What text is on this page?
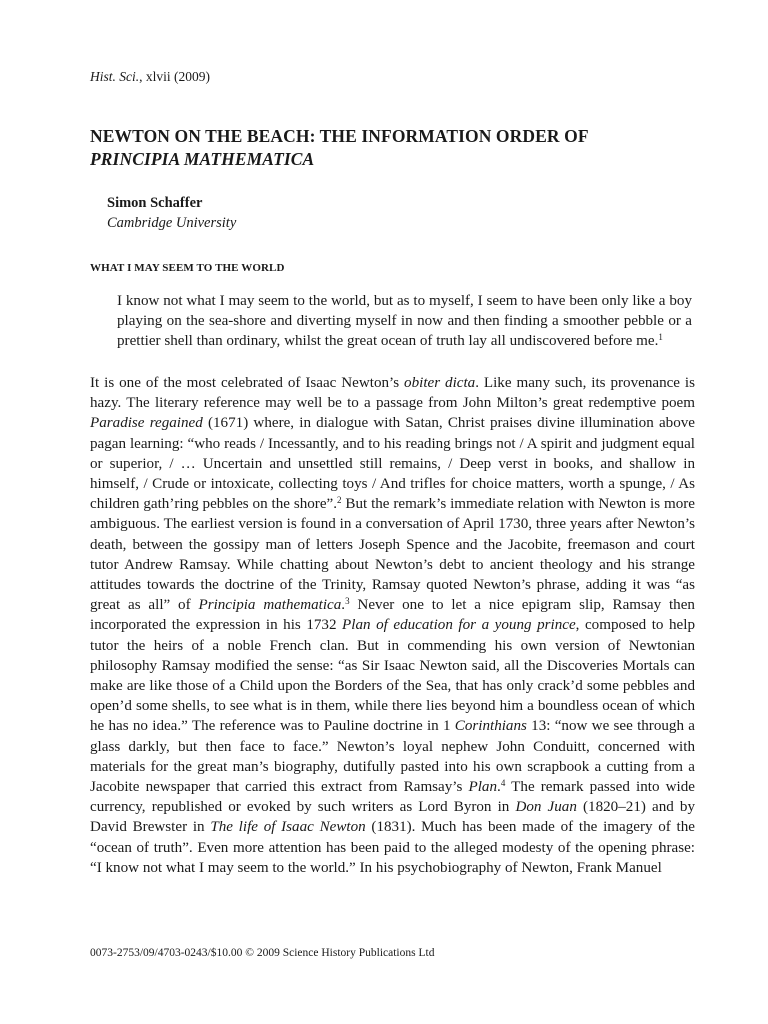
Hist. Sci., xlvii (2009)

NEWTON ON THE BEACH: THE INFORMATION ORDER OF
PRINCIPIA MATHEMATICA
Simon Schaffer
Cambridge University
WHAT I MAY SEEM TO THE WORLD

I know not what I may seem to the world, but as to myself, I seem to have been only like a boy playing on the sea-shore and diverting myself in now and then finding a smoother pebble or a prettier shell than ordinary, whilst the great ocean of truth lay all undiscovered before me.$^1$

It is one of the most celebrated of Isaac Newton’s obiter dicta. Like many such, its provenance is hazy. The literary reference may well be to a passage from John Milton’s great redemptive poem Paradise regained (1671) where, in dialogue with Satan, Christ praises divine illumination above pagan learning: “who reads / Incessantly, and to his reading brings not / A spirit and judgment equal or superior, / … Uncertain and unsettled still remains, / Deep verst in books, and shallow in himself, / Crude or intoxicate, collecting toys / And trifles for choice matters, worth a spunge, / As children gath’ring pebbles on the shore”.$^2$ But the remark’s immediate relation with Newton is more ambiguous. The earliest version is found in a conversation of April 1730, three years after Newton’s death, between the gossipy man of letters Joseph Spence and the Jacobite, freemason and court tutor Andrew Ramsay. While chatting about Newton’s debt to ancient theology and his strange attitudes towards the doctrine of the Trinity, Ramsay quoted Newton’s phrase, adding it was “as great as all” of Principia mathematica.$^3$ Never one to let a nice epigram slip, Ramsay then incorporated the expression in his 1732 Plan of education for a young prince, composed to help tutor the heirs of a noble French clan. But in commending his own version of Newtonian philosophy Ramsay modified the sense: “as Sir Isaac Newton said, all the Discoveries Mortals can make are like those of a Child upon the Borders of the Sea, that has only crack’d some pebbles and open’d some shells, to see what is in them, while there lies beyond him a boundless ocean of which he has no idea.” The reference was to Pauline doctrine in 1 Corinthians 13: “now we see through a glass darkly, but then face to face.” Newton’s loyal nephew John Conduitt, concerned with materials for the great man’s biography, dutifully pasted into his own scrapbook a cutting from a Jacobite newspaper that carried this extract from Ramsay’s Plan.$^4$ The remark passed into wide currency, republished or evoked by such writers as Lord Byron in Don Juan (1820–21) and by David Brewster in The life of Isaac Newton (1831). Much has been made of the imagery of the “ocean of truth”. Even more attention has been paid to the alleged modesty of the opening phrase: “I know not what I may seem to the world.” In his psychobiography of Newton, Frank Manuel

0073-2753/09/4703-0243/$10.00 © 2009 Science History Publications Ltd
